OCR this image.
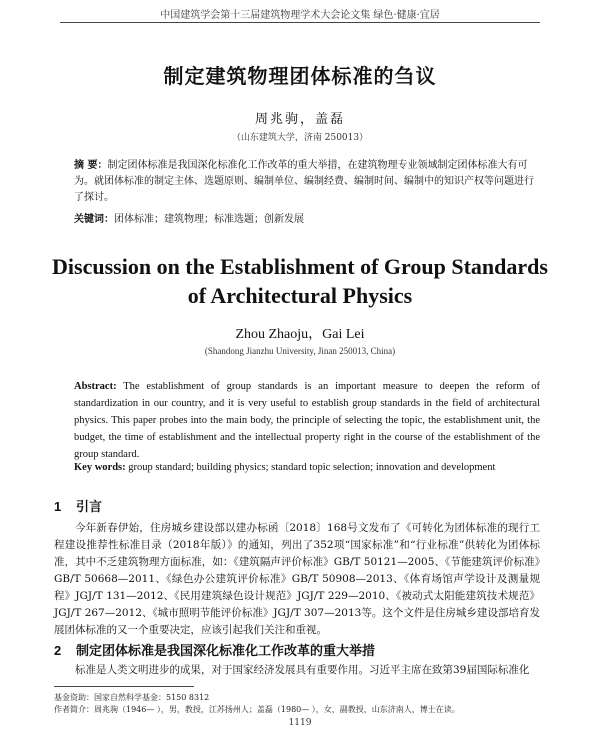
中国建筑学会第十三届建筑物理学术大会论文集 绿色·健康·宜居
制定建筑物理团体标准的刍议
周兆驹，盖磊
（山东建筑大学，济南 250013）
摘 要：制定团体标准是我国深化标准化工作改革的重大举措，在建筑物理专业领域制定团体标准大有可为。就团体标准的制定主体、选题原则、编制单位、编制经费、编制时间、编制中的知识产权等问题进行了探讨。
关键词：团体标准；建筑物理；标准选题；创新发展
Discussion on the Establishment of Group Standards
of Architectural Physics
Zhou Zhaoju，Gai Lei
(Shandong Jianzhu University, Jinan 250013, China)
Abstract: The establishment of group standards is an important measure to deepen the reform of standardization in our country, and it is very useful to establish group standards in the field of architectural physics. This paper probes into the main body, the principle of selecting the topic, the establishment unit, the budget, the time of establishment and the intellectual property right in the course of the establishment of the group standard.
Key words: group standard; building physics; standard topic selection; innovation and development
1 引言
今年新春伊始，住房城乡建设部以建办标函〔2018〕168号文发布了《可转化为团体标准的现行工程建设推荐性标准目录（2018年版）》的通知，列出了352项“国家标准”和“行业标准”供转化为团体标准，其中不乏建筑物理方面标准，如：《建筑隔声评价标准》GB/T 50121—2005、《节能建筑评价标准》GB/T 50668—2011、《绿色办公建筑评价标准》GB/T 50908—2013、《体育场馆声学设计及测量规程》JGJ/T 131—2012、《民用建筑绿色设计规范》JGJ/T 229—2010、《被动式太阳能建筑技术规范》JGJ/T 267—2012、《城市照明节能评价标准》JGJ/T 307—2013等。这个文件是住房城乡建设部培育发展团体标准的又一个重要决定，应该引起我们关注和重视。
2 制定团体标准是我国深化标准化工作改革的重大举措
标准是人类文明进步的成果，对于国家经济发展具有重要作用。习近平主席在致第39届国际标准化
基金资助：国家自然科学基金：5150 8312
作者简介：周兆驹（1946— ），男，教授，江苏扬州人；盖磊（1980— ），女，副教授，山东济南人，博士在读。
1119
